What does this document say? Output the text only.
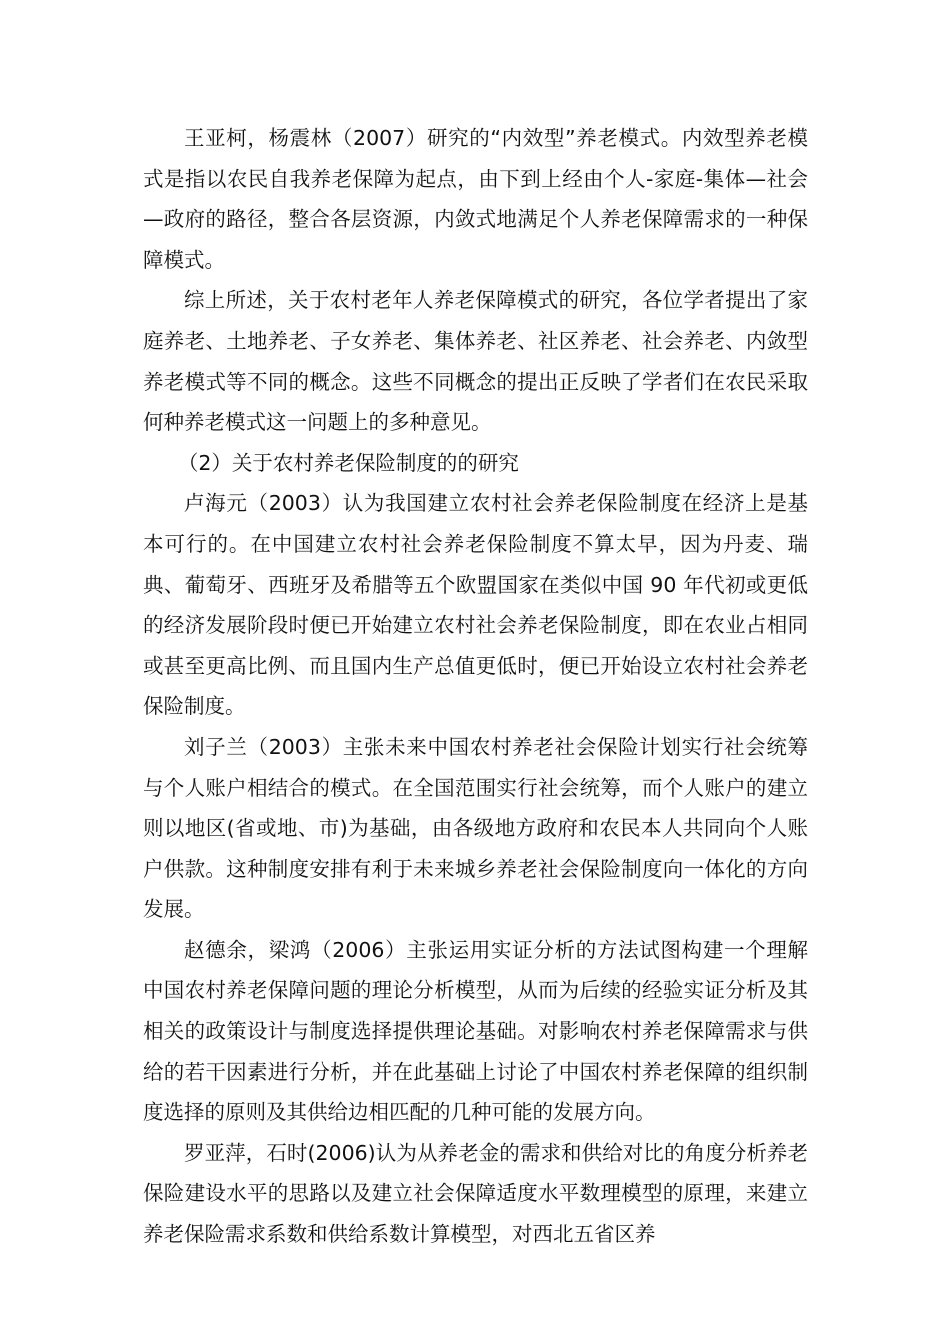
王亚柯，杨震林（2007）研究的“内效型”养老模式。内效型养老模式是指以农民自我养老保障为起点，由下到上经由个人-家庭-集体—社会—政府的路径，整合各层资源，内敛式地满足个人养老保障需求的一种保障模式。

综上所述，关于农村老年人养老保障模式的研究，各位学者提出了家庭养老、土地养老、子女养老、集体养老、社区养老、社会养老、内敛型养老模式等不同的概念。这些不同概念的提出正反映了学者们在农民采取何种养老模式这一问题上的多种意见。

（2）关于农村养老保险制度的的研究

卢海元（2003）认为我国建立农村社会养老保险制度在经济上是基本可行的。在中国建立农村社会养老保险制度不算太早，因为丹麦、瑞典、葡萄牙、西班牙及希腊等五个欧盟国家在类似中国 90 年代初或更低的经济发展阶段时便已开始建立农村社会养老保险制度，即在农业占相同或甚至更高比例、而且国内生产总值更低时，便已开始设立农村社会养老保险制度。

刘子兰（2003）主张未来中国农村养老社会保险计划实行社会统筹与个人账户相结合的模式。在全国范围实行社会统筹，而个人账户的建立则以地区(省或地、市)为基础，由各级地方政府和农民本人共同向个人账户供款。这种制度安排有利于未来城乡养老社会保险制度向一体化的方向发展。

赵德余，梁鸿（2006）主张运用实证分析的方法试图构建一个理解中国农村养老保障问题的理论分析模型，从而为后续的经验实证分析及其相关的政策设计与制度选择提供理论基础。对影响农村养老保障需求与供给的若干因素进行分析，并在此基础上讨论了中国农村养老保障的组织制度选择的原则及其供给边相匹配的几种可能的发展方向。

罗亚萍，石时(2006)认为从养老金的需求和供给对比的角度分析养老保险建设水平的思路以及建立社会保障适度水平数理模型的原理，来建立养老保险需求系数和供给系数计算模型，对西北五省区养
